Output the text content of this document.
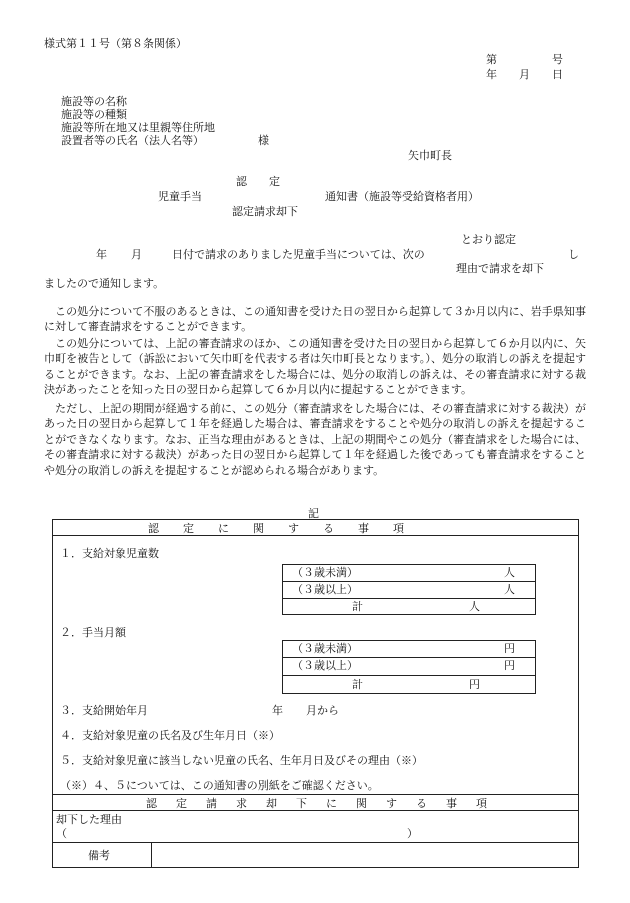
様式第１１号（第８条関係）
第　　　　　号
年　　月　　日
施設等の名称
施設等の種類
施設等所在地又は里親等住所地
設置者等の氏名（法人名等）	様
矢巾町長
認　　定
児童手当	通知書（施設等受給資格者用）
認定請求却下
とおり認定
年 月	日付で請求のありました児童手当については、次の	し
理由で請求を却下
ましたので通知します。
この処分について不服のあるときは、この通知書を受けた日の翌日から起算して３か月以内に、岩手県知事に対して審査請求をすることができます。
この処分については、上記の審査請求のほか、この通知書を受けた日の翌日から起算して６か月以内に、矢巾町を被告として（訴訟において矢巾町を代表する者は矢巾町長となります。）、処分の取消しの訴えを提起することができます。なお、上記の審査請求をした場合には、処分の取消しの訴えは、その審査請求に対する裁決があったことを知った日の翌日から起算して６か月以内に提起することができます。
ただし、上記の期間が経過する前に、この処分（審査請求をした場合には、その審査請求に対する裁決）があった日の翌日から起算して１年を経過した場合は、審査請求をすることや処分の取消しの訴えを提起することができなくなります。なお、正当な理由があるときは、上記の期間やこの処分（審査請求をした場合には、その審査請求に対する裁決）があった日の翌日から起算して１年を経過した後であっても審査請求をすることや処分の取消しの訴えを提起することが認められる場合があります。
記
認定に関する事項
１．支給対象児童数
（３歳未満）	人
（３歳以上）	人
計	人
２．手当月額
（３歳未満）	円
（３歳以上）	円
計	円
３．支給開始年月	年 月から
４．支給対象児童の氏名及び生年月日（※）
５．支給対象児童に該当しない児童の氏名、生年月日及びその理由（※）
（※）４、５については、この通知書の別紙をご確認ください。
認定請求却下に関する事項
却下した理由
（	）
備考
